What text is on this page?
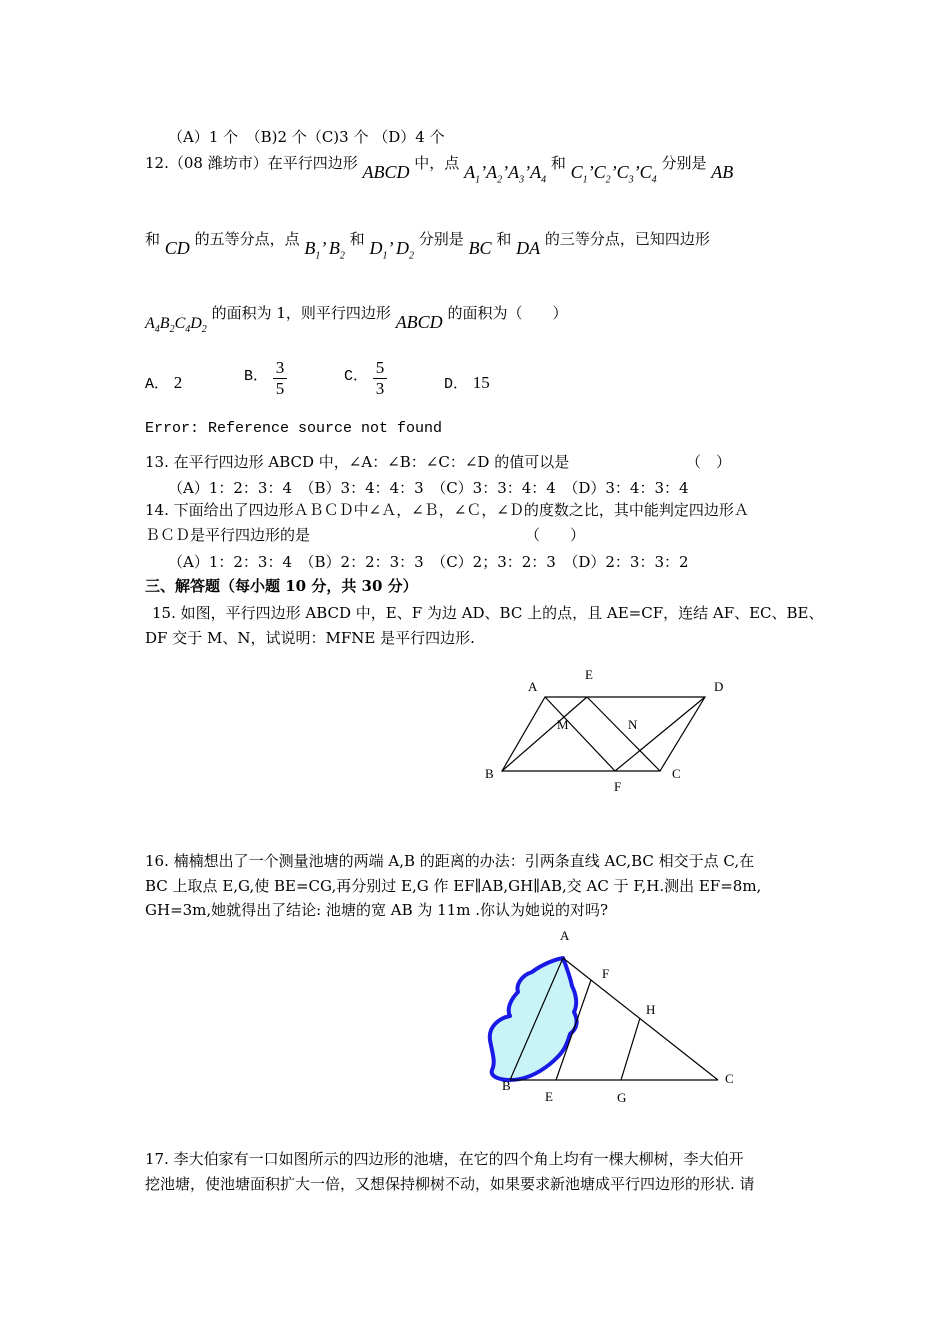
（A）1 个　（B)2 个（C)3 个 （D）4 个
12.（08 潍坊市）在平行四边形 ABCD 中，点 $A_1’A_2’A_3’A_4$ 和 $C_1’C_2’C_3’C_4$ 分别是 AB
和 CD 的五等分点，点 $B_1$’ $B_2$ 和 $D_1$’ $D_2$ 分别是 BC 和 DA 的三等分点，已知四边形
$A_4B_2C_4D_2$ 的面积为 1，则平行四边形 ABCD 的面积为（　　）
A． 2	B． $\frac{3}{5}$	C． $\frac{5}{3}$	D． 15
Error: Reference source not found
13. 在平行四边形 ABCD 中，∠A：∠B：∠C：∠D 的值可以是	（　）
（A）1：2：3：4　（B）3：4：4：3　（C）3：3：4：4　（D）3：4：3：4
14. 下面给出了四边形ＡＢＣＤ中∠Ａ，∠Ｂ，∠Ｃ，∠Ｄ的度数之比，其中能判定四边形Ａ
ＢＣＤ是平行四边形的是	（　　）
（A）1：2：3：4　（B）2：2：3：3　（C）2；3：2：3　（D）2：3：3：2
三、解答题（每小题 10 分，共 30 分）
15. 如图，平行四边形 ABCD 中，E、F 为边 AD、BC 上的点，且 AE=CF，连结 AF、EC、BE、
DF 交于 M、N，试说明：MFNE 是平行四边形.
A
E
D
M	N
B
F
C
16. 楠楠想出了一个测量池塘的两端 A,B 的距离的办法：引两条直线 AC,BC 相交于点 C,在
BC 上取点 E,G,使 BE=CG,再分别过 E,G 作 EF∥AB,GH∥AB,交 AC 于 F,H.测出 EF=8m,
GH=3m,她就得出了结论: 池塘的宽 AB 为 11m .你认为她说的对吗?
A
F
H
B
E	G
C
17. 李大伯家有一口如图所示的四边形的池塘，在它的四个角上均有一棵大柳树，李大伯开
挖池塘，使池塘面积扩大一倍，又想保持柳树不动，如果要求新池塘成平行四边形的形状. 请
